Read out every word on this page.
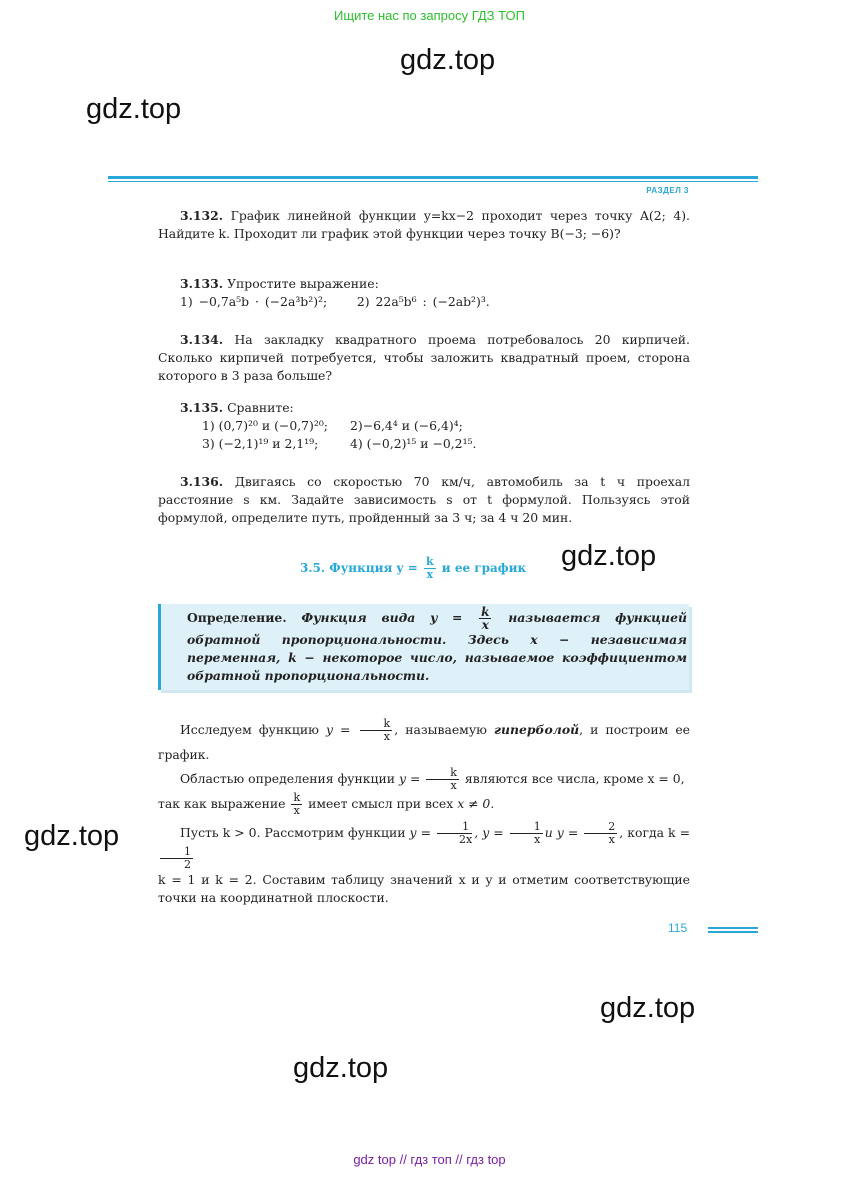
Ищите нас по запросу ГДЗ ТОП
gdz.top
gdz.top
РАЗДЕЛ 3

3.132. График линейной функции y=kx−2 проходит через точку A(2; 4). Найдите k. Проходит ли график этой функции через точку B(−3; −6)?

3.133. Упростите выражение:

1) −0,7a⁵b · (−2a³b²)²; 2) 22a⁵b⁶ : (−2ab²)³.

3.134. На закладку квадратного проема потребовалось 20 кирпичей. Сколько кирпичей потребуется, чтобы заложить квадратный проем, сторона которого в 3 раза больше?

3.135. Сравните:

1) (0,7)²⁰ и (−0,7)²⁰; 2)−6,4⁴ и (−6,4)⁴;

3) (−2,1)¹⁹ и 2,1¹⁹;	4) (−0,2)¹⁵ и −0,2¹⁵.

3.136. Двигаясь со скоростью 70 км/ч, автомобиль за t ч проехал расстояние s км. Задайте зависимость s от t формулой. Пользуясь этой формулой, определите путь, пройденный за 3 ч; за 4 ч 20 мин.

3.5. Функция $y = \frac{k}{x}$ и ее график gdz.top
Определение. Функция вида $y = \frac{k}{x}$ называется функцией обратной пропорциональности. Здесь x − независимая переменная, k − некоторое число, называемое коэффициентом обратной пропорциональности.

Исследуем функцию $y = \frac{k}{x}$ , называемую гиперболой, и построим ее график.

Областью определения функции $y = \frac{k}{x}$ являются все числа, кроме x = 0,

так как выражение $\frac{k}{x}$ имеет смысл при всех x ≠ 0.

Пусть k > 0. Рассмотрим функции $y = \frac{1}{2x}$ , $y = \frac{1}{x}$ и $y = \frac{2}{x}$ , когда k =
$\frac{1}{2}$

k = 1 и k = 2. Составим таблицу значений x и y и отметим соответствующие точки на координатной плоскости.

gdz.top
115
gdz.top
gdz.top
gdz top // гдз топ // гдз top
